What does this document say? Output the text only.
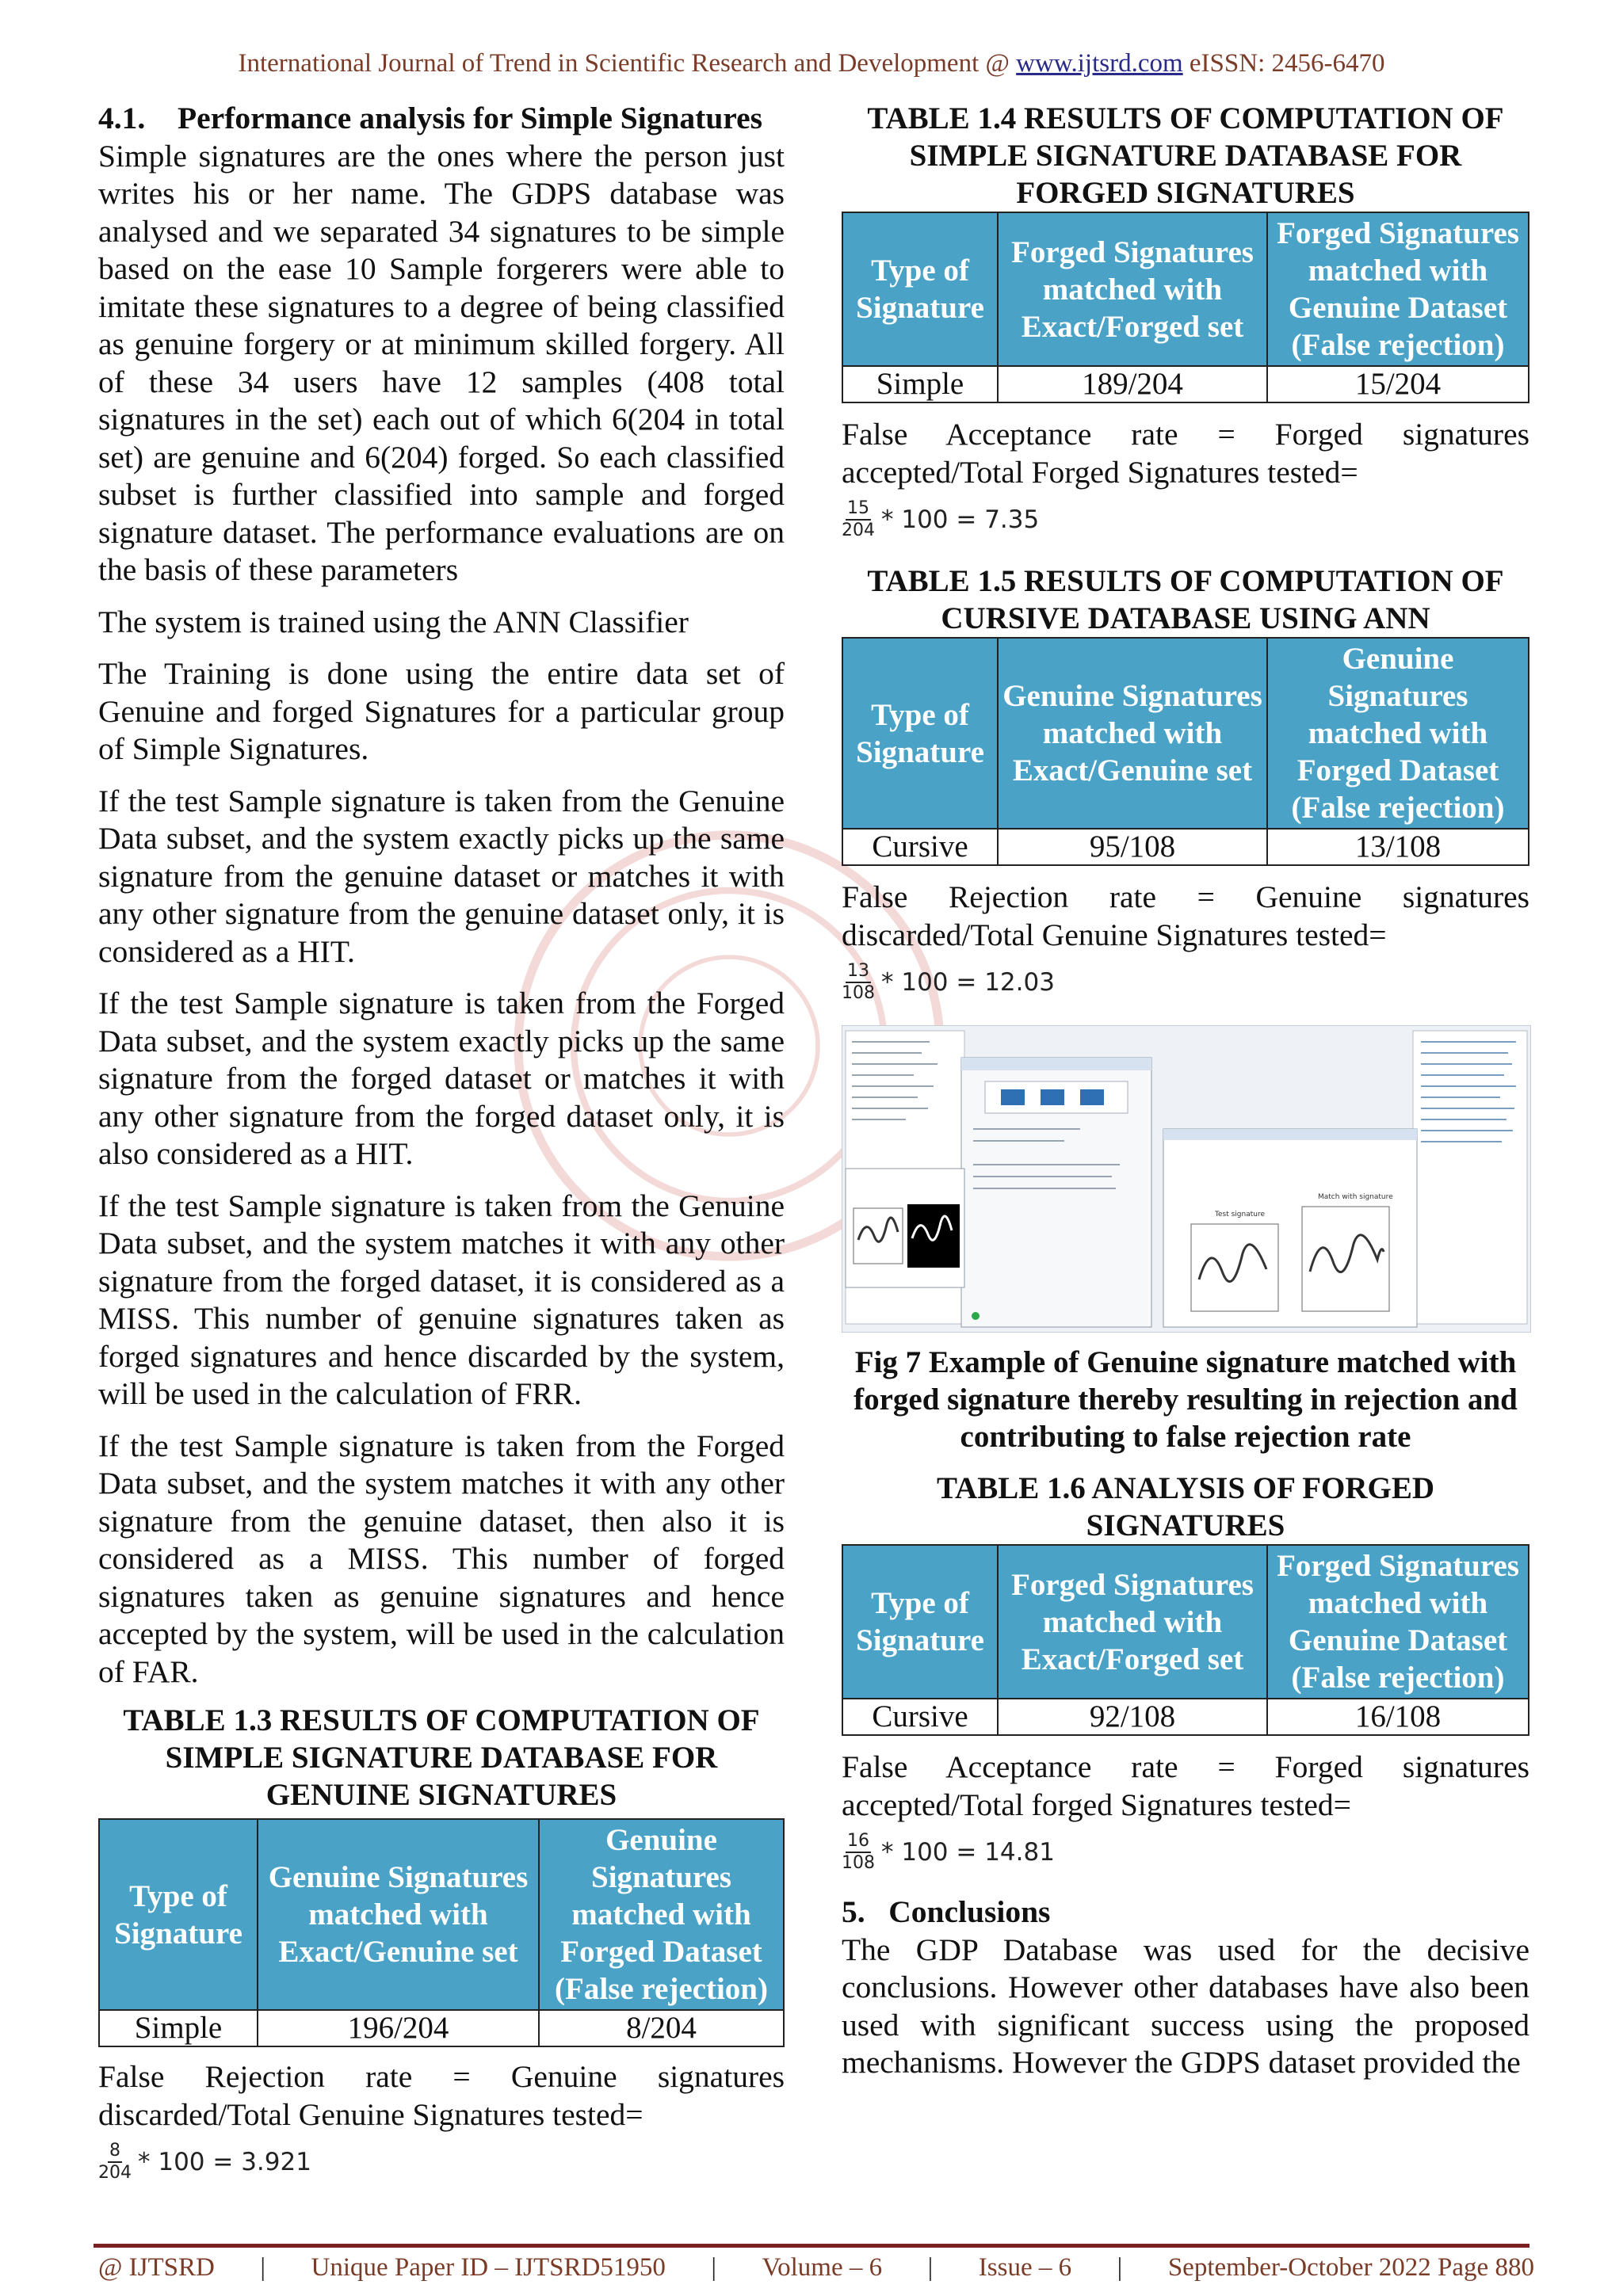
International Journal of Trend in Scientific Research and Development @ www.ijtsrd.com eISSN: 2456-6470
4.1. Performance analysis for Simple Signatures

Simple signatures are the ones where the person just writes his or her name. The GDPS database was analysed and we separated 34 signatures to be simple based on the ease 10 Sample forgerers were able to imitate these signatures to a degree of being classified as genuine forgery or at minimum skilled forgery. All of these 34 users have 12 samples (408 total signatures in the set) each out of which 6(204 in total set) are genuine and 6(204) forged. So each classified subset is further classified into sample and forged signature dataset. The performance evaluations are on the basis of these parameters

The system is trained using the ANN Classifier

The Training is done using the entire data set of Genuine and forged Signatures for a particular group of Simple Signatures.

If the test Sample signature is taken from the Genuine Data subset, and the system exactly picks up the same signature from the genuine dataset or matches it with any other signature from the genuine dataset only, it is considered as a HIT.

If the test Sample signature is taken from the Forged Data subset, and the system exactly picks up the same signature from the forged dataset or matches it with any other signature from the forged dataset only, it is also considered as a HIT.

If the test Sample signature is taken from the Genuine Data subset, and the system matches it with any other signature from the forged dataset, it is considered as a MISS. This number of genuine signatures taken as forged signatures and hence discarded by the system, will be used in the calculation of FRR.

If the test Sample signature is taken from the Forged Data subset, and the system matches it with any other signature from the genuine dataset, then also it is considered as a MISS. This number of forged signatures taken as genuine signatures and hence accepted by the system, will be used in the calculation of FAR.

TABLE 1.3 RESULTS OF COMPUTATION OF SIMPLE SIGNATURE DATABASE FOR GENUINE SIGNATURES
Type of Signature	Genuine Signatures matched with Exact/Genuine set	Genuine Signatures matched with Forged Dataset (False rejection)
Simple	196/204	8/204

False Rejection rate = Genuine signatures discarded/Total Genuine Signatures tested=

$\frac{8}{204} * 100 = 3.921$
TABLE 1.4 RESULTS OF COMPUTATION OF SIMPLE SIGNATURE DATABASE FOR FORGED SIGNATURES
Type of Signature	Forged Signatures matched with Exact/Forged set	Forged Signatures matched with Genuine Dataset (False rejection)
Simple	189/204	15/204

False Acceptance rate = Forged signatures accepted/Total Forged Signatures tested=

$\frac{15}{204} * 100 = 7.35$
TABLE 1.5 RESULTS OF COMPUTATION OF CURSIVE DATABASE USING ANN
Type of Signature	Genuine Signatures matched with Exact/Genuine set	Genuine Signatures matched with Forged Dataset (False rejection)
Cursive	95/108	13/108

False Rejection rate = Genuine signatures discarded/Total Genuine Signatures tested=

$\frac{13}{108} * 100 = 12.03$
Test signature
Match with signature
Fig 7 Example of Genuine signature matched with forged signature thereby resulting in rejection and contributing to false rejection rate
TABLE 1.6 ANALYSIS OF FORGED SIGNATURES
Type of Signature	Forged Signatures matched with Exact/Forged set	Forged Signatures matched with Genuine Dataset (False rejection)
Cursive	92/108	16/108

False Acceptance rate = Forged signatures accepted/Total forged Signatures tested=

$\frac{16}{108} * 100 = 14.81$
5. Conclusions

The GDP Database was used for the decisive conclusions. However other databases have also been used with significant success using the proposed mechanisms. However the GDPS dataset provided the

@ IJTSRD | Unique Paper ID – IJTSRD51950 | Volume – 6 | Issue – 6 | September-October 2022 Page 880
